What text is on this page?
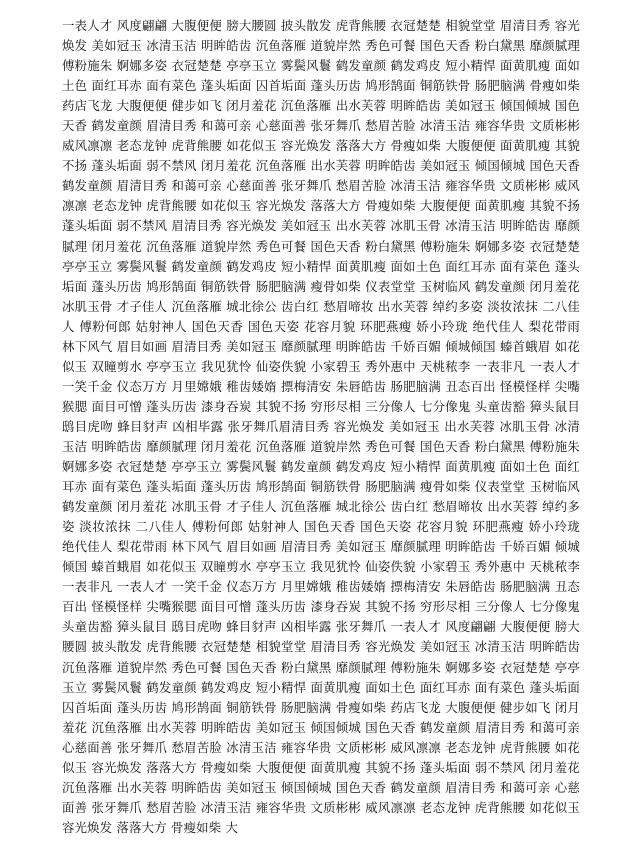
一表人才 风度翩翩 大腹便便 膀大腰圆 披头散发 虎背熊腰 衣冠楚楚 相貌堂堂 眉清目秀 容光焕发 美如冠玉 冰清玉洁 明眸皓齿 沉鱼落雁 道貌岸然 秀色可餐 国色天香 粉白黛黑 靡颜腻理 傅粉施朱 婀娜多姿 衣冠楚楚 亭亭玉立 雾鬓风鬟 鹤发童颜 鹤发鸡皮 短小精悍 面黄肌瘦 面如土色 面红耳赤 面有菜色 蓬头垢面 囚首垢面 蓬头历齿 鸠形鹄面 铜筋铁骨 肠肥脑满 骨瘦如柴 药店飞龙 大腹便便 健步如飞 闭月羞花 沉鱼落雁 出水芙蓉 明眸皓齿 美如冠玉 倾国倾城 国色天香 鹤发童颜 眉清目秀 和蔼可亲 心慈面善 张牙舞爪 愁眉苦脸 冰清玉洁 雍容华贵 文质彬彬 威风凛凛 老态龙钟 虎背熊腰 如花似玉 容光焕发 落落大方 骨瘦如柴 大腹便便 面黄肌瘦 其貌不扬 蓬头垢面 弱不禁风 闭月羞花 沉鱼落雁 出水芙蓉 明眸皓齿 美如冠玉 倾国倾城 国色天香 鹤发童颜 眉清目秀 和蔼可亲 心慈面善 张牙舞爪 愁眉苦脸 冰清玉洁 雍容华贵 文质彬彬 威风凛凛 老态龙钟 虎背熊腰 如花似玉 容光焕发 落落大方 骨瘦如柴 大腹便便 面黄肌瘦 其貌不扬 蓬头垢面 弱不禁风 眉清目秀 容光焕发 美如冠玉 出水芙蓉 冰肌玉骨 冰清玉洁 明眸皓齿 靡颜腻理 闭月羞花 沉鱼落雁 道貌岸然 秀色可餐 国色天香 粉白黛黑 傅粉施朱 婀娜多姿 衣冠楚楚 亭亭玉立 雾鬓风鬟 鹤发童颜 鹤发鸡皮 短小精悍 面黄肌瘦 面如土色 面红耳赤 面有菜色 蓬头垢面 蓬头历齿 鸠形鹄面 铜筋铁骨 肠肥脑满 瘦骨如柴 仪表堂堂 玉树临风 鹤发童颜 闭月羞花 冰肌玉骨 才子佳人 沉鱼落雁 城北徐公 齿白红 愁眉啼妆 出水芙蓉 绰约多姿 淡妆浓抹 二八佳人 傅粉何郎 姑射神人 国色天香 国色天姿 花容月貌 环肥燕瘦 娇小玲珑 绝代佳人 梨花带雨 林下风气 眉目如画 眉清目秀 美如冠玉 靡颜腻理 明眸皓齿 千娇百媚 倾城倾国 螓首蛾眉 如花似玉 双瞳剪水 亭亭玉立 我见犹怜 仙姿佚貌 小家碧玉 秀外惠中 天桃秾李 一表非凡 一表人才 一笑千金 仪态万方 月里嫦娥 稚齿婑媠 摽梅清安 朱唇皓齿 肠肥脑满 丑态百出 怪模怪样 尖嘴猴腮 面目可憎 蓬头历齿 漆身吞炭 其貌不扬 穷形尽相 三分像人 七分像鬼 头童齿豁 獐头鼠目 鸱目虎吻 蜂目豺声 凶相毕露 张牙舞爪眉清目秀 容光焕发 美如冠玉 出水芙蓉 冰肌玉骨 冰清玉洁 明眸皓齿 靡颜腻理 闭月羞花 沉鱼落雁 道貌岸然 秀色可餐 国色天香 粉白黛黑 傅粉施朱 婀娜多姿 衣冠楚楚 亭亭玉立 雾鬓风鬟 鹤发童颜 鹤发鸡皮 短小精悍 面黄肌瘦 面如土色 面红耳赤 面有菜色 蓬头垢面 蓬头历齿 鸠形鹄面 铜筋铁骨 肠肥脑满 瘦骨如柴 仪表堂堂 玉树临风 鹤发童颜 闭月羞花 冰肌玉骨 才子佳人 沉鱼落雁 城北徐公 齿白红 愁眉啼妆 出水芙蓉 绰约多姿 淡妆浓抹 二八佳人 傅粉何郎 姑射神人 国色天香 国色天姿 花容月貌 环肥燕瘦 娇小玲珑 绝代佳人 梨花带雨 林下风气 眉目如画 眉清目秀 美如冠玉 靡颜腻理 明眸皓齿 千娇百媚 倾城倾国 螓首蛾眉 如花似玉 双瞳剪水 亭亭玉立 我见犹怜 仙姿佚貌 小家碧玉 秀外惠中 天桃秾李 一表非凡 一表人才 一笑千金 仪态万方 月里嫦娥 稚齿婑媠 摽梅清安 朱唇皓齿 肠肥脑满 丑态百出 怪模怪样 尖嘴猴腮 面目可憎 蓬头历齿 漆身吞炭 其貌不扬 穷形尽相 三分像人 七分像鬼 头童齿豁 獐头鼠目 鸱目虎吻 蜂目豺声 凶相毕露 张牙舞爪 一表人才 风度翩翩 大腹便便 膀大腰圆 披头散发 虎背熊腰 衣冠楚楚 相貌堂堂 眉清目秀 容光焕发 美如冠玉 冰清玉洁 明眸皓齿 沉鱼落雁 道貌岸然 秀色可餐 国色天香 粉白黛黑 靡颜腻理 傅粉施朱 婀娜多姿 衣冠楚楚 亭亭玉立 雾鬓风鬟 鹤发童颜 鹤发鸡皮 短小精悍 面黄肌瘦 面如土色 面红耳赤 面有菜色 蓬头垢面 囚首垢面 蓬头历齿 鸠形鹄面 铜筋铁骨 肠肥脑满 骨瘦如柴 药店飞龙 大腹便便 健步如飞 闭月羞花 沉鱼落雁 出水芙蓉 明眸皓齿 美如冠玉 倾国倾城 国色天香 鹤发童颜 眉清目秀 和蔼可亲 心慈面善 张牙舞爪 愁眉苦脸 冰清玉洁 雍容华贵 文质彬彬 威风凛凛 老态龙钟 虎背熊腰 如花似玉 容光焕发 落落大方 骨瘦如柴 大腹便便 面黄肌瘦 其貌不扬 蓬头垢面 弱不禁风 闭月羞花 沉鱼落雁 出水芙蓉 明眸皓齿 美如冠玉 倾国倾城 国色天香 鹤发童颜 眉清目秀 和蔼可亲 心慈面善 张牙舞爪 愁眉苦脸 冰清玉洁 雍容华贵 文质彬彬 威风凛凛 老态龙钟 虎背熊腰 如花似玉 容光焕发 落落大方 骨瘦如柴 大
